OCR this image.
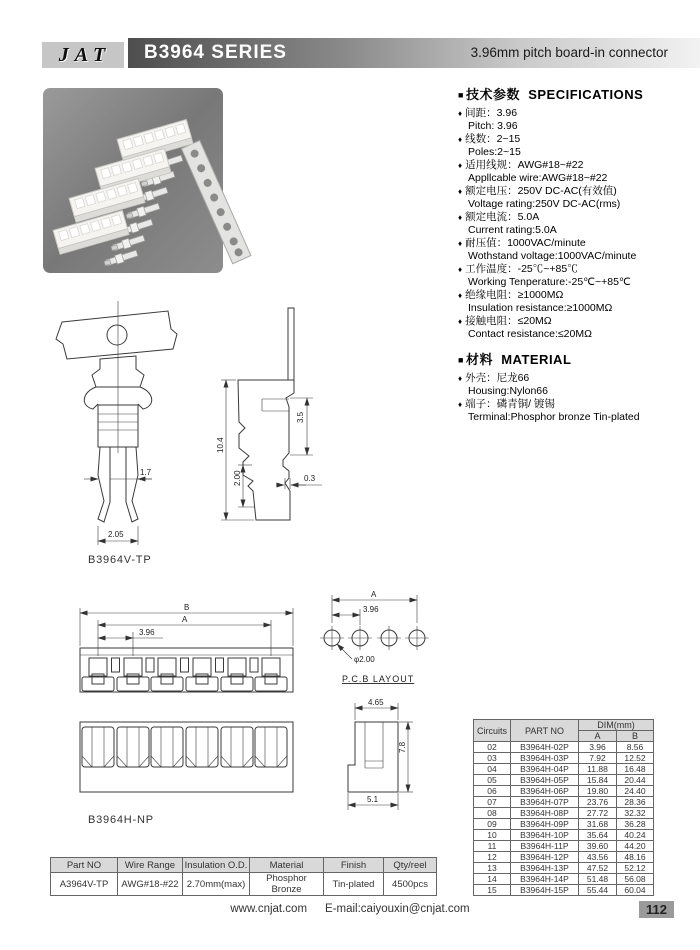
B3964 SERIES
JAT	3.96mm pitch board-in connector
■ 技术参数 SPECIFICATIONS
♦ 间距：3.96
Pitch: 3.96
♦ 线数：2~15
Poles:2~15
♦ 适用线规：AWG#18~#22
Appllcable wire:AWG#18~#22
♦ 额定电压：250V DC-AC(有效值)
Voltage rating:250V DC-AC(rms)
♦ 额定电流：5.0A
Current rating:5.0A
♦ 耐压值：1000VAC/minute
Wothstand voltage:1000VAC/minute
♦ 工作温度：-25℃~+85℃
Working Tenperature:-25℃~+85℃
♦ 绝缘电阻：≥1000MΩ
Insulation resistance:≥1000MΩ
♦ 接触电阻：≤20MΩ
Contact resistance:≤20MΩ
■ 材料 MATERIAL
♦ 外壳：尼龙66
Housing:Nylon66
♦ 端子：磷青铜/ 镀锡
Terminal:Phosphor bronze Tin-plated
1.7
2.05
10.4
3.5
0.3
2.00
B3964V-TP
B
A
3.96
B3964H-NP
A
3.96
φ2.00
P.C.B LAYOUT
4.65
7.8
5.1
Circuits	PART NO	DIM(mm)	
		A	B
02	B3964H-02P	3.96	8.56
03	B3964H-03P	7.92	12.52
04	B3964H-04P	11.88	16.48
05	B3964H-05P	15.84	20.44
06	B3964H-06P	19.80	24.40
07	B3964H-07P	23.76	28.36
08	B3964H-08P	27.72	32.32
09	B3964H-09P	31.68	36.28
10	B3964H-10P	35.64	40.24
11	B3964H-11P	39.60	44.20
12	B3964H-12P	43.56	48.16
13	B3964H-13P	47.52	52.12
14	B3964H-14P	51.48	56.08
15	B3964H-15P	55.44	60.04
Part NO	Wire Range	Insulation O.D.	Material	Finish	Qty/reel
A3964V-TP	AWG#18-#22	2.70mm(max)	Phosphor Bronze	Tin-plated	4500pcs
www.cnjat.com E-mail:caiyouxin@cnjat.com	112
